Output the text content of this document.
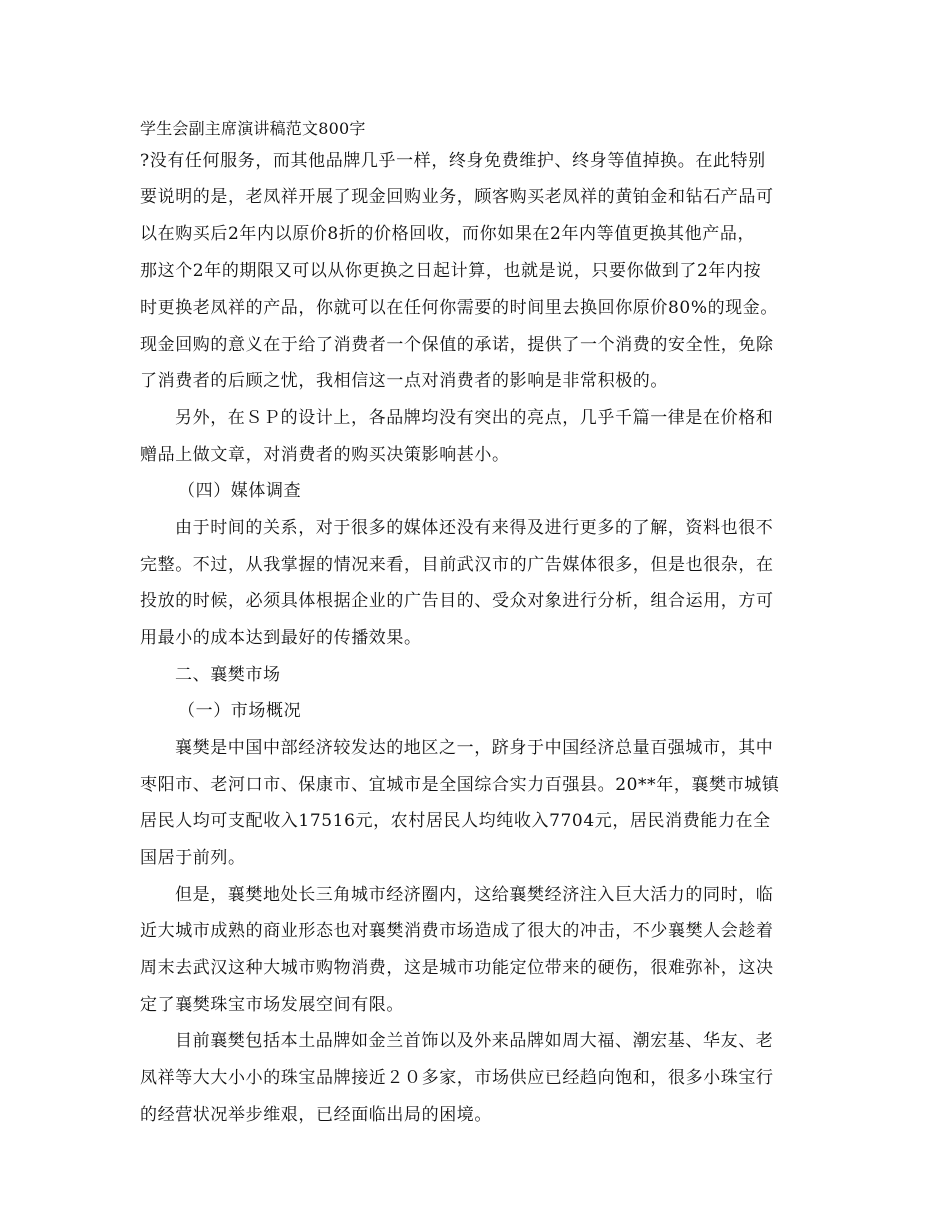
学生会副主席演讲稿范文800字
?没有任何服务，而其他品牌几乎一样，终身免费维护、终身等值掉换。在此特别
要说明的是，老凤祥开展了现金回购业务，顾客购买老凤祥的黄铂金和钻石产品可
以在购买后2年内以原价8折的价格回收，而你如果在2年内等值更换其他产品，
那这个2年的期限又可以从你更换之日起计算，也就是说，只要你做到了2年内按
时更换老凤祥的产品，你就可以在任何你需要的时间里去换回你原价80%的现金。
现金回购的意义在于给了消费者一个保值的承诺，提供了一个消费的安全性，免除
了消费者的后顾之忧，我相信这一点对消费者的影响是非常积极的。
另外，在ＳＰ的设计上，各品牌均没有突出的亮点，几乎千篇一律是在价格和
赠品上做文章，对消费者的购买决策影响甚小。
（四）媒体调查
由于时间的关系，对于很多的媒体还没有来得及进行更多的了解，资料也很不
完整。不过，从我掌握的情况来看，目前武汉市的广告媒体很多，但是也很杂，在
投放的时候，必须具体根据企业的广告目的、受众对象进行分析，组合运用，方可
用最小的成本达到最好的传播效果。
二、襄樊市场
（一）市场概况
襄樊是中国中部经济较发达的地区之一，跻身于中国经济总量百强城市，其中
枣阳市、老河口市、保康市、宜城市是全国综合实力百强县。20**年，襄樊市城镇
居民人均可支配收入17516元，农村居民人均纯收入7704元，居民消费能力在全
国居于前列。
但是，襄樊地处长三角城市经济圈内，这给襄樊经济注入巨大活力的同时，临
近大城市成熟的商业形态也对襄樊消费市场造成了很大的冲击，不少襄樊人会趁着
周末去武汉这种大城市购物消费，这是城市功能定位带来的硬伤，很难弥补，这决
定了襄樊珠宝市场发展空间有限。
目前襄樊包括本土品牌如金兰首饰以及外来品牌如周大福、潮宏基、华友、老
凤祥等大大小小的珠宝品牌接近２０多家，市场供应已经趋向饱和，很多小珠宝行
的经营状况举步维艰，已经面临出局的困境。
